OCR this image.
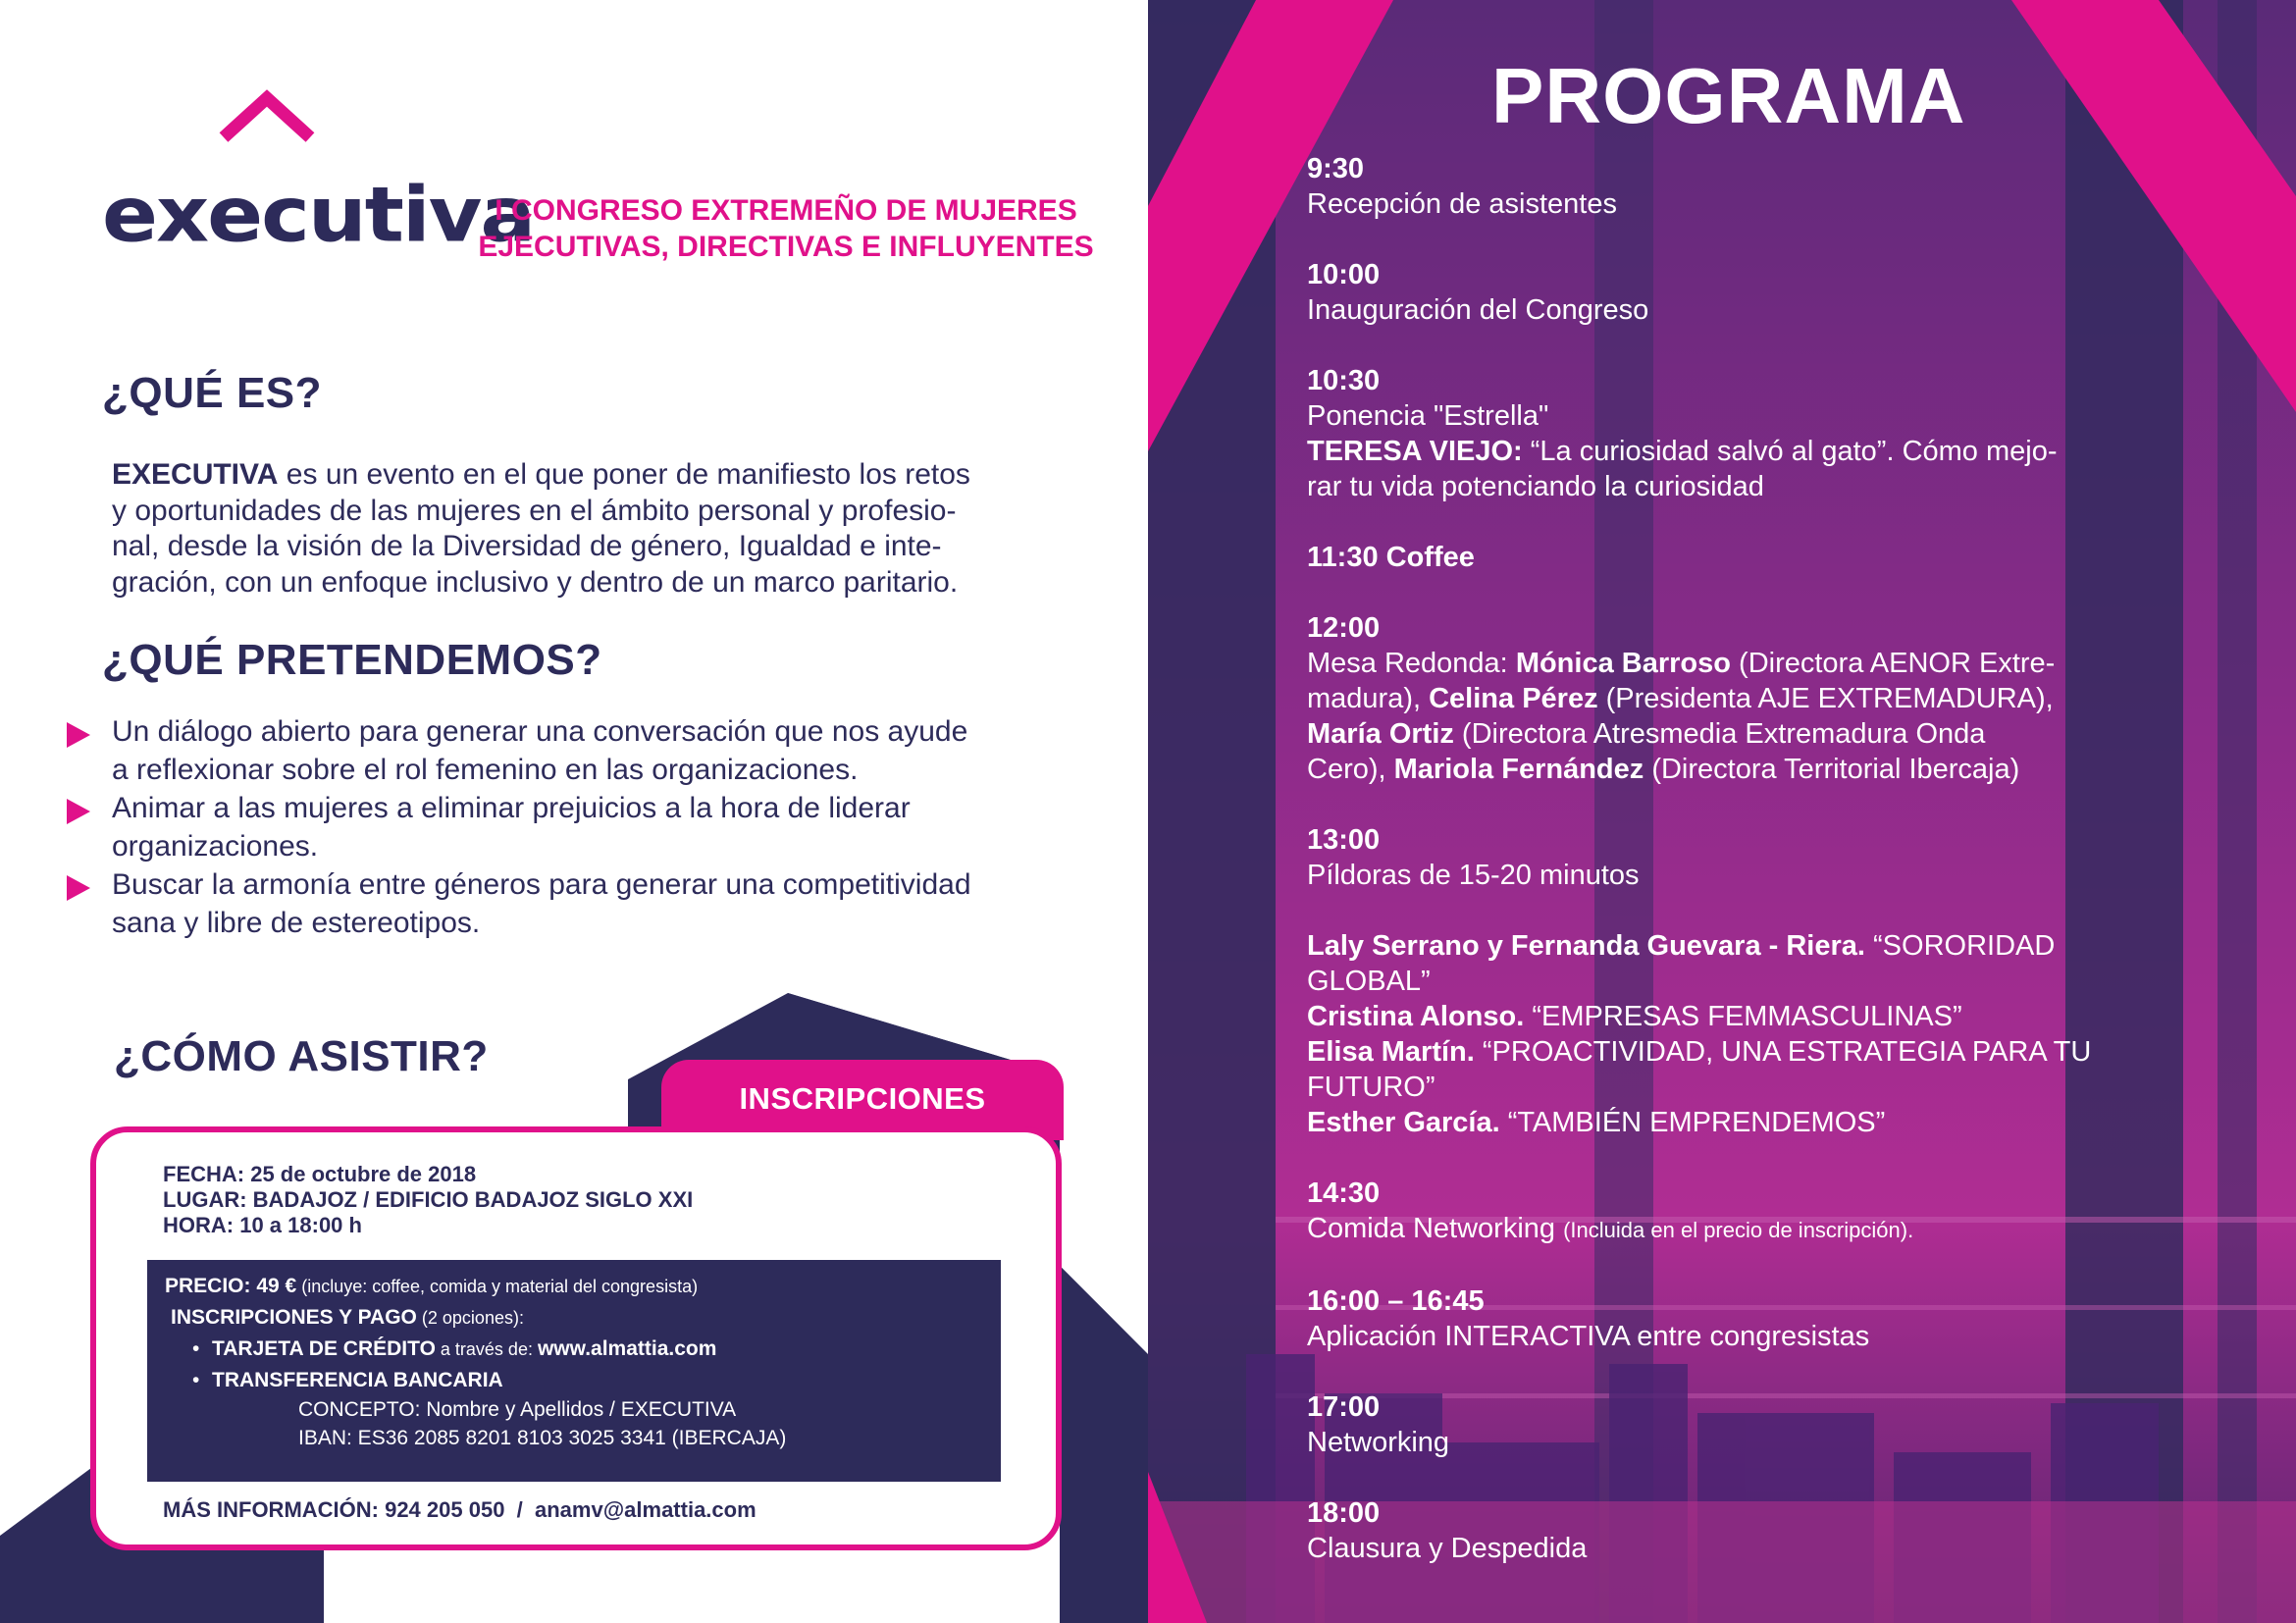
executiva
I CONGRESO EXTREMEÑO DE MUJERES
EJECUTIVAS, DIRECTIVAS E INFLUYENTES
¿QUÉ ES?
EXECUTIVA es un evento en el que poner de manifiesto los retos
y oportunidades de las mujeres en el ámbito personal y profesio-
nal, desde la visión de la Diversidad de género, Igualdad e inte-
gración, con un enfoque inclusivo y dentro de un marco paritario.
¿QUÉ PRETENDEMOS?
Un diálogo abierto para generar una conversación que nos ayude
a reflexionar sobre el rol femenino en las organizaciones.
Animar a las mujeres a eliminar prejuicios a la hora de liderar
organizaciones.
Buscar la armonía entre géneros para generar una competitividad
sana y libre de estereotipos.
¿CÓMO ASISTIR?
INSCRIPCIONES
FECHA: 25 de octubre de 2018
LUGAR: BADAJOZ / EDIFICIO BADAJOZ SIGLO XXI
HORA: 10 a 18:00 h
PRECIO: 49 € (incluye: coffee, comida y material del congresista)
INSCRIPCIONES Y PAGO (2 opciones):
• TARJETA DE CRÉDITO a través de: www.almattia.com
• TRANSFERENCIA BANCARIA
CONCEPTO: Nombre y Apellidos / EXECUTIVA
IBAN: ES36 2085 8201 8103 3025 3341 (IBERCAJA)
MÁS INFORMACIÓN: 924 205 050  /  anamv@almattia.com
PROGRAMA
9:30
Recepción de asistentes
10:00
Inauguración del Congreso
10:30
Ponencia "Estrella"
TERESA VIEJO: “La curiosidad salvó al gato”. Cómo mejo-
rar tu vida potenciando la curiosidad
11:30 Coffee
12:00
Mesa Redonda: Mónica Barroso (Directora AENOR Extre-
madura), Celina Pérez (Presidenta AJE EXTREMADURA),
María Ortiz (Directora Atresmedia Extremadura Onda
Cero), Mariola Fernández (Directora Territorial Ibercaja)
13:00
Píldoras de 15-20 minutos
Laly Serrano y Fernanda Guevara - Riera. “SORORIDAD
GLOBAL”
Cristina Alonso. “EMPRESAS FEMMASCULINAS”
Elisa Martín. “PROACTIVIDAD, UNA ESTRATEGIA PARA TU
FUTURO”
Esther García. “TAMBIÉN EMPRENDEMOS”
14:30
Comida Networking (Incluida en el precio de inscripción).
16:00 – 16:45
Aplicación INTERACTIVA entre congresistas
17:00
Networking
18:00
Clausura y Despedida
